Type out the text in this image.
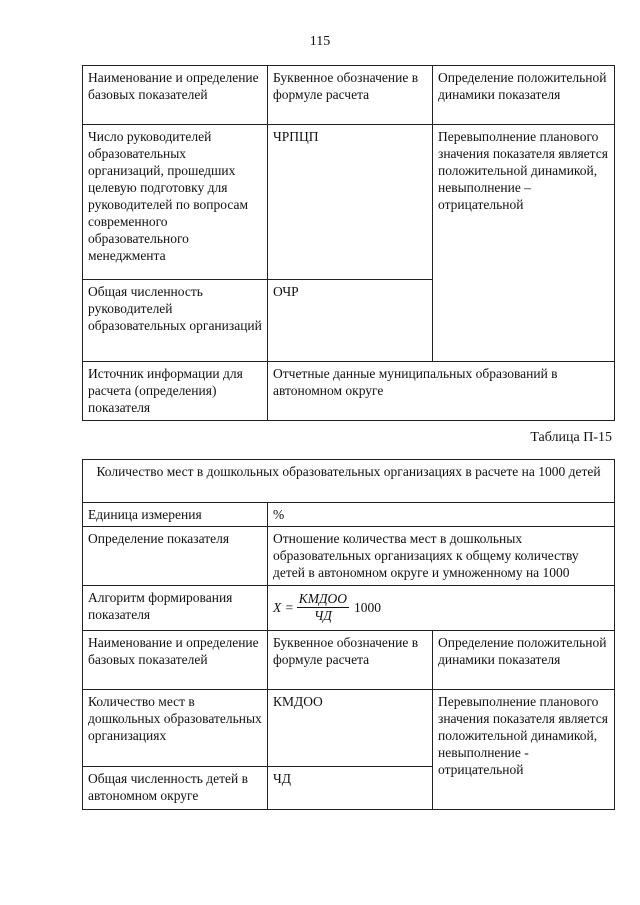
115
Наименование и определение базовых показателей	Буквенное обозначение в формуле расчета	Определение положительной динамики показателя
Число руководителей образовательных организаций, прошедших целевую подготовку для руководителей по вопросам современного образовательного менеджмента	ЧРПЦП	Перевыполнение планового значения показателя является положительной динамикой, невыполнение – отрицательной
Общая численность руководителей образовательных организаций	ОЧР	
Источник информации для расчета (определения) показателя	Отчетные данные муниципальных образований в автономном округе	
Таблица П-15
Количество мест в дошкольных образовательных организациях в расчете на 1000 детей		
Единица измерения	%	
Определение показателя	Отношение количества мест в дошкольных образовательных организациях к общему количеству детей в автономном округе и умноженному на 1000	
Алгоритм формирования показателя	$X = \frac{\text{КМДОО}}{ЧД} 1000$	

Наименование и определение базовых показателей	Буквенное обозначение в формуле расчета	Определение положительной динамики показателя
Количество мест в дошкольных образовательных организациях	КМДОО	Перевыполнение планового значения показателя является положительной динамикой, невыполнение - отрицательной
Общая численность детей в автономном округе	ЧД	
